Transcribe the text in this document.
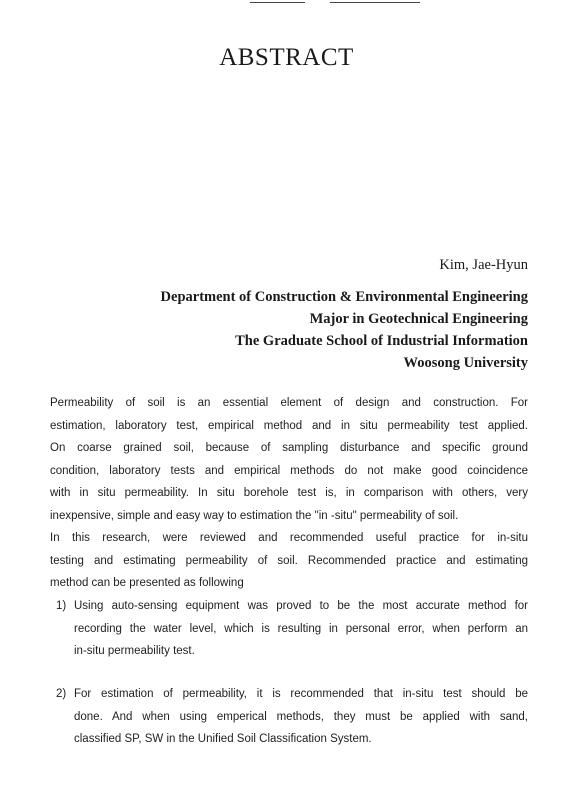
ABSTRACT
Kim, Jae-Hyun
Department of Construction & Environmental Engineering
Major in Geotechnical Engineering
The Graduate School of Industrial Information
Woosong University
Permeability of soil is an essential element of design and construction. For
estimation, laboratory test, empirical method and in situ permeability test applied.
On coarse grained soil, because of sampling disturbance and specific ground
condition, laboratory tests and empirical methods do not make good coincidence
with in situ permeability. In situ borehole test is, in comparison with others, very
inexpensive, simple and easy way to estimation the "in -situ" permeability of soil.
In this research, were reviewed and recommended useful practice for in-situ
testing and estimating permeability of soil. Recommended practice and estimating
method can be presented as following
1) Using auto-sensing equipment was proved to be the most accurate method for
recording the water level, which is resulting in personal error, when perform an
in-situ permeability test.
2) For estimation of permeability, it is recommended that in-situ test should be
done. And when using emperical methods, they must be applied with sand,
classified SP, SW in the Unified Soil Classification System.
